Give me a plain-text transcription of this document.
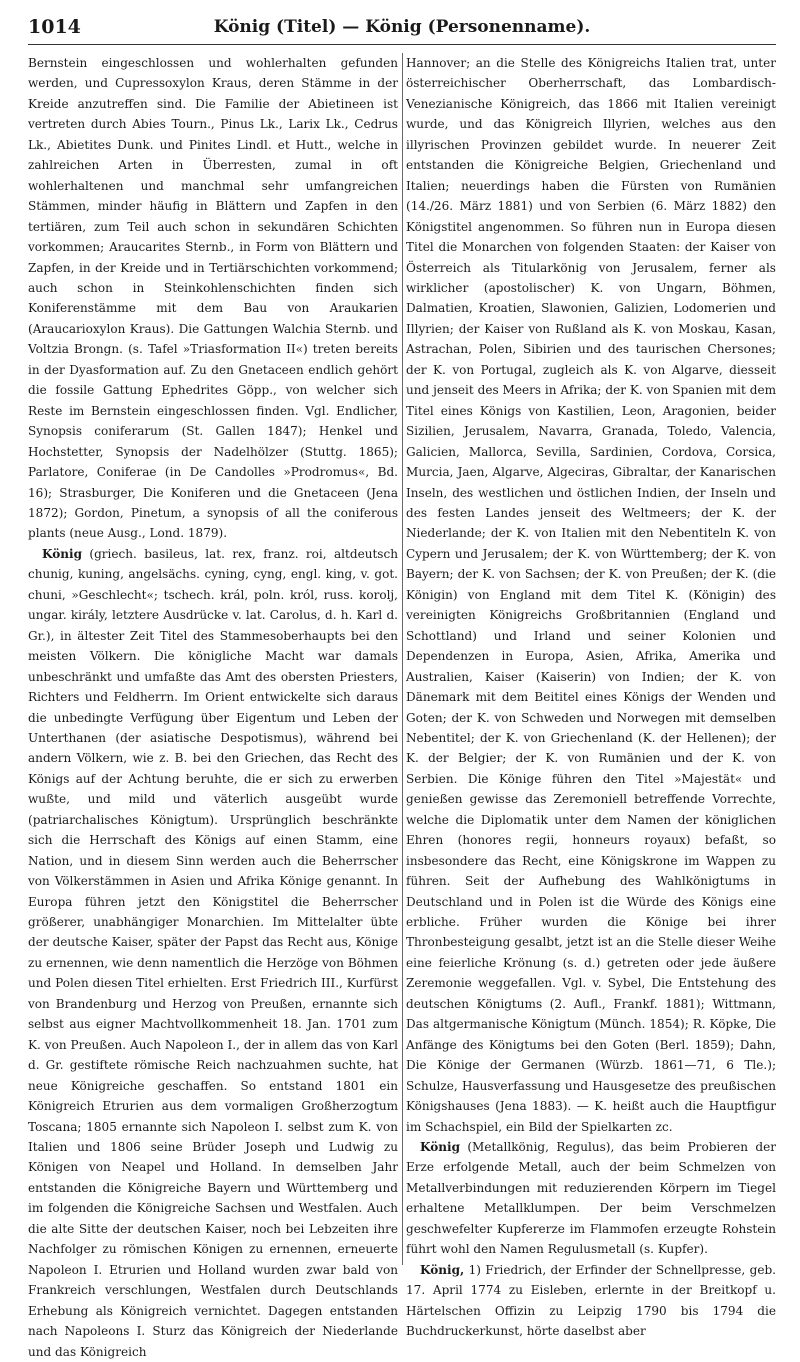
1014	König (Titel) — König (Personenname).

Bernstein eingeschlossen und wohlerhalten gefunden werden, und Cupressoxylon Kraus, deren Stämme in der Kreide anzutreffen sind. Die Familie der Abietineen ist vertreten durch Abies Tourn., Pinus Lk., Larix Lk., Cedrus Lk., Abietites Dunk. und Pinites Lindl. et Hutt., welche in zahlreichen Arten in Überresten, zumal in oft wohlerhaltenen und manchmal sehr umfangreichen Stämmen, minder häufig in Blättern und Zapfen in den tertiären, zum Teil auch schon in sekundären Schichten vorkommen; Araucarites Sternb., in Form von Blättern und Zapfen, in der Kreide und in Tertiärschichten vorkommend; auch schon in Steinkohlenschichten finden sich Koniferenstämme mit dem Bau von Araukarien (Araucarioxylon Kraus). Die Gattungen Walchia Sternb. und Voltzia Brongn. (s. Tafel »Triasformation II«) treten bereits in der Dyasformation auf. Zu den Gnetaceen endlich gehört die fossile Gattung Ephedrites Göpp., von welcher sich Reste im Bernstein eingeschlossen finden. Vgl. Endlicher, Synopsis coniferarum (St. Gallen 1847); Henkel und Hochstetter, Synopsis der Nadelhölzer (Stuttg. 1865); Parlatore, Coniferae (in De Candolles »Prodromus«, Bd. 16); Strasburger, Die Koniferen und die Gnetaceen (Jena 1872); Gordon, Pinetum, a synopsis of all the coniferous plants (neue Ausg., Lond. 1879).

König (griech. basileus, lat. rex, franz. roi, altdeutsch chunig, kuning, angelsächs. cyning, cyng, engl. king, v. got. chuni, »Geschlecht«; tschech. král, poln. król, russ. korolj, ungar. király, letztere Ausdrücke v. lat. Carolus, d. h. Karl d. Gr.), in ältester Zeit Titel des Stammesoberhaupts bei den meisten Völkern. Die königliche Macht war damals unbeschränkt und umfaßte das Amt des obersten Priesters, Richters und Feldherrn. Im Orient entwickelte sich daraus die unbedingte Verfügung über Eigentum und Leben der Unterthanen (der asiatische Despotismus), während bei andern Völkern, wie z. B. bei den Griechen, das Recht des Königs auf der Achtung beruhte, die er sich zu erwerben wußte, und mild und väterlich ausgeübt wurde (patriarchalisches Königtum). Ursprünglich beschränkte sich die Herrschaft des Königs auf einen Stamm, eine Nation, und in diesem Sinn werden auch die Beherrscher von Völkerstämmen in Asien und Afrika Könige genannt. In Europa führen jetzt den Königstitel die Beherrscher größerer, unabhängiger Monarchien. Im Mittelalter übte der deutsche Kaiser, später der Papst das Recht aus, Könige zu ernennen, wie denn namentlich die Herzöge von Böhmen und Polen diesen Titel erhielten. Erst Friedrich III., Kurfürst von Brandenburg und Herzog von Preußen, ernannte sich selbst aus eigner Machtvollkommenheit 18. Jan. 1701 zum K. von Preußen. Auch Napoleon I., der in allem das von Karl d. Gr. gestiftete römische Reich nachzuahmen suchte, hat neue Königreiche geschaffen. So entstand 1801 ein Königreich Etrurien aus dem vormaligen Großherzogtum Toscana; 1805 ernannte sich Napoleon I. selbst zum K. von Italien und 1806 seine Brüder Joseph und Ludwig zu Königen von Neapel und Holland. In demselben Jahr entstanden die Königreiche Bayern und Württemberg und im folgenden die Königreiche Sachsen und Westfalen. Auch die alte Sitte der deutschen Kaiser, noch bei Lebzeiten ihre Nachfolger zu römischen Königen zu ernennen, erneuerte Napoleon I. Etrurien und Holland wurden zwar bald von Frankreich verschlungen, Westfalen durch Deutschlands Erhebung als Königreich vernichtet. Dagegen entstanden nach Napoleons I. Sturz das Königreich der Niederlande und das Königreich

Hannover; an die Stelle des Königreichs Italien trat, unter österreichischer Oberherrschaft, das Lombardisch-Venezianische Königreich, das 1866 mit Italien vereinigt wurde, und das Königreich Illyrien, welches aus den illyrischen Provinzen gebildet wurde. In neuerer Zeit entstanden die Königreiche Belgien, Griechenland und Italien; neuerdings haben die Fürsten von Rumänien (14./26. März 1881) und von Serbien (6. März 1882) den Königstitel angenommen. So führen nun in Europa diesen Titel die Monarchen von folgenden Staaten: der Kaiser von Österreich als Titularkönig von Jerusalem, ferner als wirklicher (apostolischer) K. von Ungarn, Böhmen, Dalmatien, Kroatien, Slawonien, Galizien, Lodomerien und Illyrien; der Kaiser von Rußland als K. von Moskau, Kasan, Astrachan, Polen, Sibirien und des taurischen Chersones; der K. von Portugal, zugleich als K. von Algarve, diesseit und jenseit des Meers in Afrika; der K. von Spanien mit dem Titel eines Königs von Kastilien, Leon, Aragonien, beider Sizilien, Jerusalem, Navarra, Granada, Toledo, Valencia, Galicien, Mallorca, Sevilla, Sardinien, Cordova, Corsica, Murcia, Jaen, Algarve, Algeciras, Gibraltar, der Kanarischen Inseln, des westlichen und östlichen Indien, der Inseln und des festen Landes jenseit des Weltmeers; der K. der Niederlande; der K. von Italien mit den Nebentiteln K. von Cypern und Jerusalem; der K. von Württemberg; der K. von Bayern; der K. von Sachsen; der K. von Preußen; der K. (die Königin) von England mit dem Titel K. (Königin) des vereinigten Königreichs Großbritannien (England und Schottland) und Irland und seiner Kolonien und Dependenzen in Europa, Asien, Afrika, Amerika und Australien, Kaiser (Kaiserin) von Indien; der K. von Dänemark mit dem Beititel eines Königs der Wenden und Goten; der K. von Schweden und Norwegen mit demselben Nebentitel; der K. von Griechenland (K. der Hellenen); der K. der Belgier; der K. von Rumänien und der K. von Serbien. Die Könige führen den Titel »Majestät« und genießen gewisse das Zeremoniell betreffende Vorrechte, welche die Diplomatik unter dem Namen der königlichen Ehren (honores regii, honneurs royaux) befaßt, so insbesondere das Recht, eine Königskrone im Wappen zu führen. Seit der Aufhebung des Wahlkönigtums in Deutschland und in Polen ist die Würde des Königs eine erbliche. Früher wurden die Könige bei ihrer Thronbesteigung gesalbt, jetzt ist an die Stelle dieser Weihe eine feierliche Krönung (s. d.) getreten oder jede äußere Zeremonie weggefallen. Vgl. v. Sybel, Die Entstehung des deutschen Königtums (2. Aufl., Frankf. 1881); Wittmann, Das altgermanische Königtum (Münch. 1854); R. Köpke, Die Anfänge des Königtums bei den Goten (Berl. 1859); Dahn, Die Könige der Germanen (Würzb. 1861—71, 6 Tle.); Schulze, Hausverfassung und Hausgesetze des preußischen Königshauses (Jena 1883). — K. heißt auch die Hauptfigur im Schachspiel, ein Bild der Spielkarten zc.

König (Metallkönig, Regulus), das beim Probieren der Erze erfolgende Metall, auch der beim Schmelzen von Metallverbindungen mit reduzierenden Körpern im Tiegel erhaltene Metallklumpen. Der beim Verschmelzen geschwefelter Kupfererze im Flammofen erzeugte Rohstein führt wohl den Namen Regulusmetall (s. Kupfer).

König, 1) Friedrich, der Erfinder der Schnellpresse, geb. 17. April 1774 zu Eisleben, erlernte in der Breitkopf u. Härtelschen Offizin zu Leipzig 1790 bis 1794 die Buchdruckerkunst, hörte daselbst aber
